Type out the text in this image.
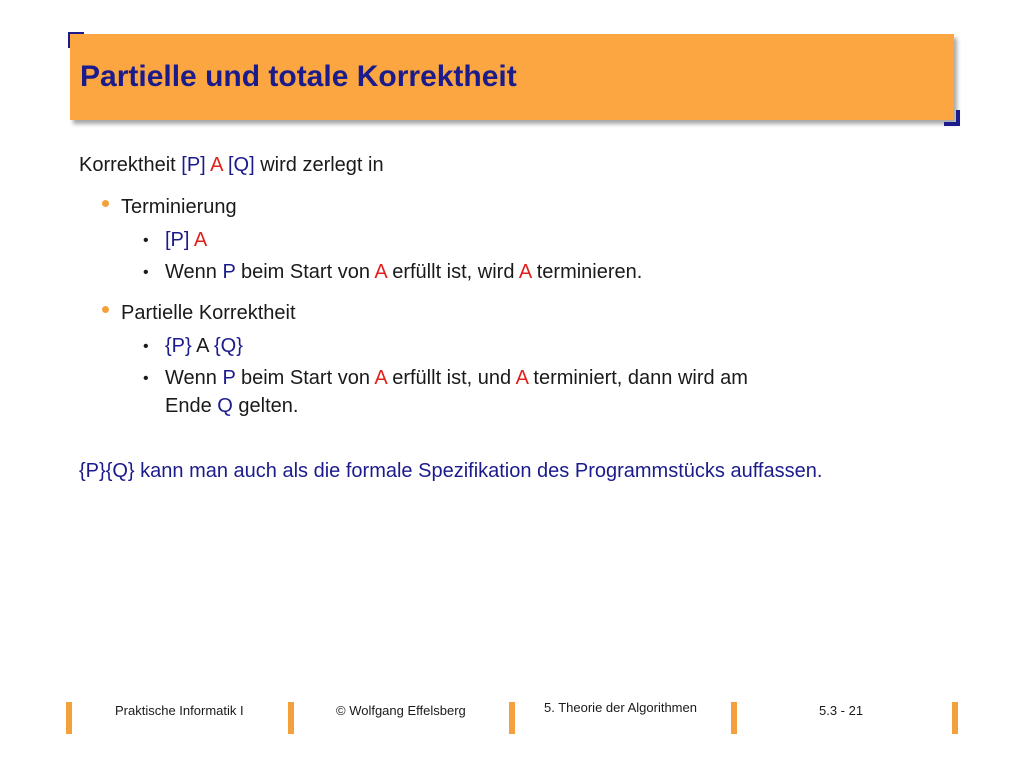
Partielle und totale Korrektheit
Korrektheit [P] A [Q] wird zerlegt in
Terminierung
• [P] A
• Wenn P beim Start von A erfüllt ist, wird A terminieren.
Partielle Korrektheit
• {P} A {Q}
• Wenn P beim Start von A erfüllt ist, und A terminiert, dann wird am
Ende Q gelten.
{P}{Q} kann man auch als die formale Spezifikation des Programmstücks auffassen.
Praktische Informatik I	© Wolfgang Effelsberg	5. Theorie der Algorithmen	5.3 - 21
